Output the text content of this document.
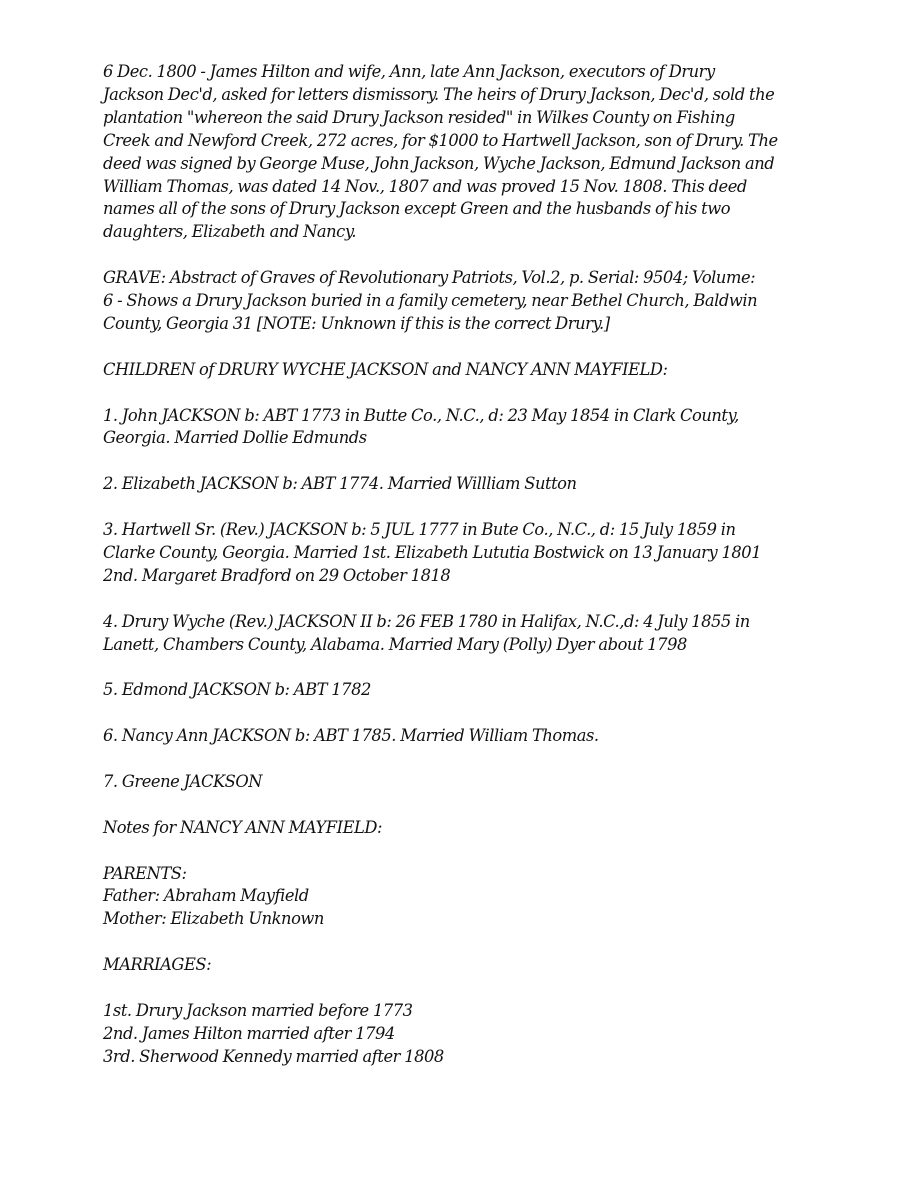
6 Dec. 1800 - James Hilton and wife, Ann, late Ann Jackson, executors of Drury
Jackson Dec'd, asked for letters dismissory. The heirs of Drury Jackson, Dec'd, sold the
plantation "whereon the said Drury Jackson resided" in Wilkes County on Fishing
Creek and Newford Creek, 272 acres, for $1000 to Hartwell Jackson, son of Drury. The
deed was signed by George Muse, John Jackson, Wyche Jackson, Edmund Jackson and
William Thomas, was dated 14 Nov., 1807 and was proved 15 Nov. 1808. This deed
names all of the sons of Drury Jackson except Green and the husbands of his two
daughters, Elizabeth and Nancy.
GRAVE: Abstract of Graves of Revolutionary Patriots, Vol.2, p. Serial: 9504; Volume:
6 - Shows a Drury Jackson buried in a family cemetery, near Bethel Church, Baldwin
County, Georgia 31 [NOTE: Unknown if this is the correct Drury.]
CHILDREN of DRURY WYCHE JACKSON and NANCY ANN MAYFIELD:
1. John JACKSON b: ABT 1773 in Butte Co., N.C., d: 23 May 1854 in Clark County,
Georgia. Married Dollie Edmunds
2. Elizabeth JACKSON b: ABT 1774. Married Willliam Sutton
3. Hartwell Sr. (Rev.) JACKSON b: 5 JUL 1777 in Bute Co., N.C., d: 15 July 1859 in
Clarke County, Georgia. Married 1st. Elizabeth Lututia Bostwick on 13 January 1801
2nd. Margaret Bradford on 29 October 1818
4. Drury Wyche (Rev.) JACKSON II b: 26 FEB 1780 in Halifax, N.C.,d: 4 July 1855 in
Lanett, Chambers County, Alabama. Married Mary (Polly) Dyer about 1798
5. Edmond JACKSON b: ABT 1782
6. Nancy Ann JACKSON b: ABT 1785. Married William Thomas.
7. Greene JACKSON
Notes for NANCY ANN MAYFIELD:
PARENTS:
Father: Abraham Mayfield
Mother: Elizabeth Unknown
MARRIAGES:
1st. Drury Jackson married before 1773
2nd. James Hilton married after 1794
3rd. Sherwood Kennedy married after 1808
